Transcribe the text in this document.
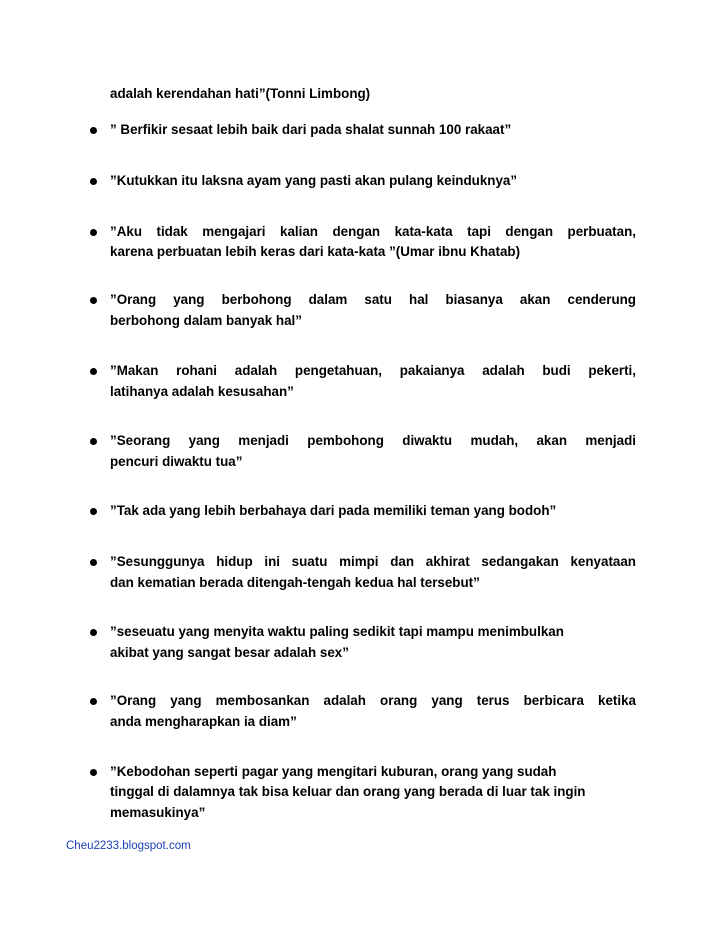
adalah kerendahan hati”(Tonni Limbong)
” Berfikir sesaat lebih baik dari pada shalat sunnah 100 rakaat”
”Kutukkan itu laksna ayam yang pasti akan pulang keinduknya”
”Aku tidak mengajari kalian dengan kata-kata tapi dengan perbuatan,
karena perbuatan lebih keras dari kata-kata ”(Umar ibnu Khatab)
”Orang yang berbohong dalam satu hal biasanya akan cenderung
berbohong dalam banyak hal”
”Makan rohani adalah pengetahuan, pakaianya adalah budi pekerti,
latihanya adalah kesusahan”
”Seorang yang menjadi pembohong diwaktu mudah, akan menjadi
pencuri diwaktu tua”
”Tak ada yang lebih berbahaya dari pada memiliki teman yang bodoh”
”Sesunggunya hidup ini suatu mimpi dan akhirat sedangakan kenyataan
dan kematian berada ditengah-tengah kedua hal tersebut”
”seseuatu yang menyita waktu paling sedikit tapi mampu menimbulkan
akibat yang sangat besar adalah sex”
”Orang yang membosankan adalah orang yang terus berbicara ketika
anda mengharapkan ia diam”
”Kebodohan seperti pagar yang mengitari kuburan, orang yang sudah
tinggal di dalamnya tak bisa keluar dan orang yang berada di luar tak ingin
memasukinya”
Cheu2233.blogspot.com
